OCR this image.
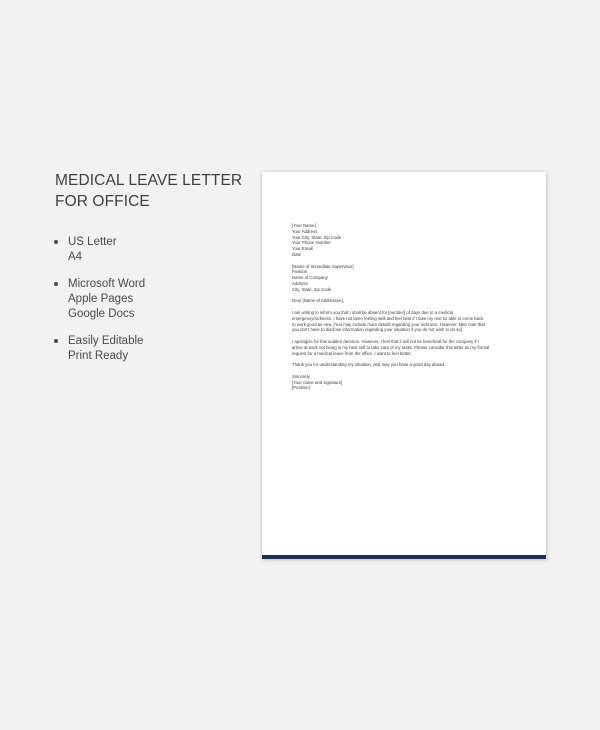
MEDICAL LEAVE LETTER
FOR OFFICE
US Letter
A4
Microsoft Word
Apple Pages
Google Docs
Easily Editable
Print Ready
[Your Name]
Your Address
Your City, State, Zip Code
Your Phone Number
Your Email
Date
[Name of Immediate Supervisor]
Position
Name of Company
Address
City, State, Zip Code
Dear [Name of Addressee],
I am writing to inform you that I shall be absent for [number] of days due to a medical
emergency/sickness. I have not been feeling well and feel best if I take my rest so able to come back
to work good as new. [You may include more details regarding your sickness. However, take note that
you don't have to disclose information regarding your situation if you do not wish to do so]
I apologize for this sudden decision. However, I feel that it will not be beneficial for the company if I
arrive at work not being in my best self to take care of my tasks. Please consider this letter as my formal
request for a medical leave from the office. I want to feel better.
Thank you for understanding my situation, and may you have a good day ahead.
Sincerely,
[Your name and signature]
[Position]
